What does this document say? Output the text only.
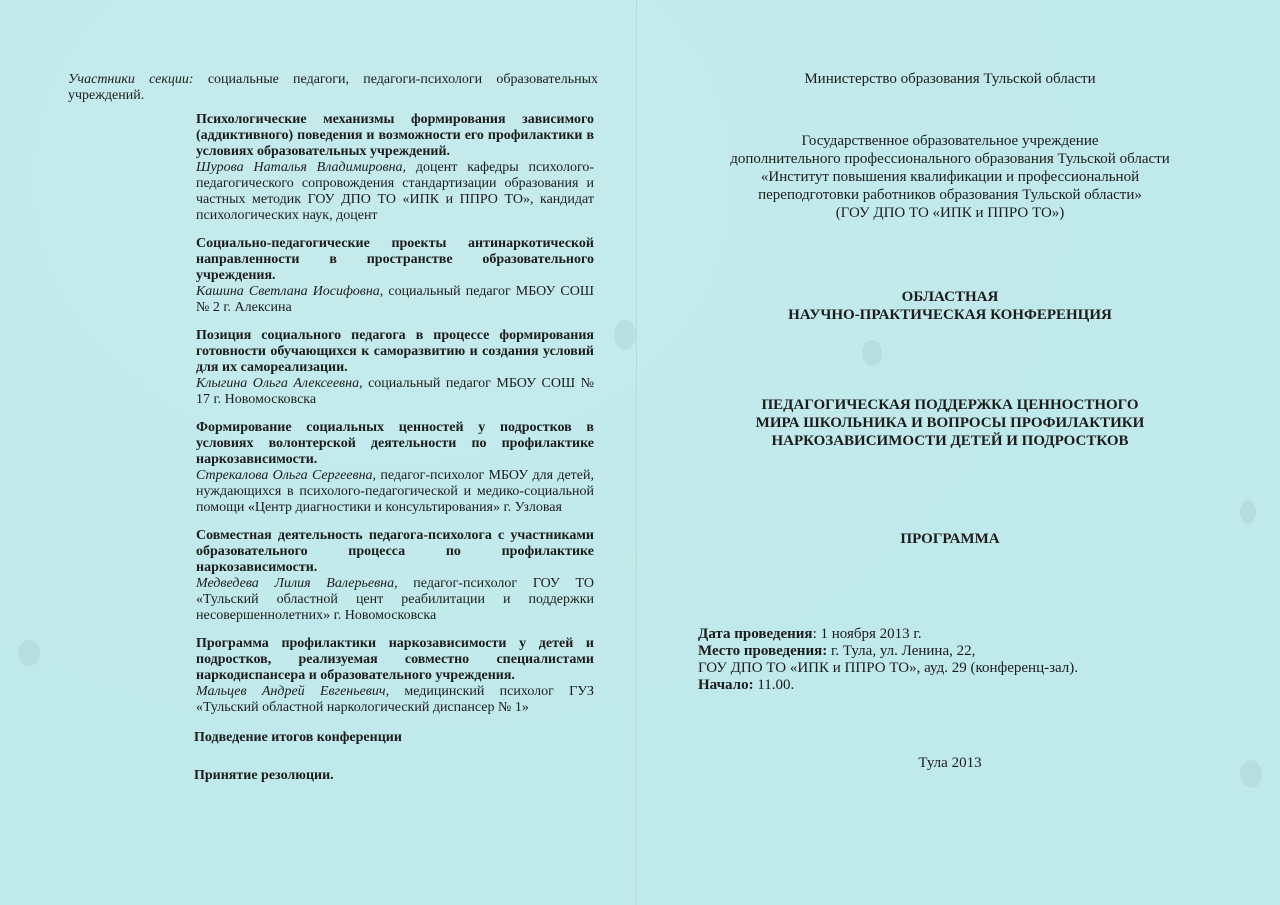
Участники секции: социальные педагоги, педагоги-психологи образовательных учреждений.
Психологические механизмы формирования зависимого (аддиктивного) поведения и возможности его профилактики в условиях образовательных учреждений.
Шурова Наталья Владимировна, доцент кафедры психолого-педагогического сопровождения стандартизации образования и частных методик ГОУ ДПО ТО «ИПК и ППРО ТО», кандидат психологических наук, доцент
Социально-педагогические проекты антинаркотической направленности в пространстве образовательного учреждения.
Кашина Светлана Иосифовна, социальный педагог МБОУ СОШ № 2 г. Алексина
Позиция социального педагога в процессе формирования готовности обучающихся к саморазвитию и создания условий для их самореализации.
Клыгина Ольга Алексеевна, социальный педагог МБОУ СОШ № 17 г. Новомосковска
Формирование социальных ценностей у подростков в условиях волонтерской деятельности по профилактике наркозависимости.
Стрекалова Ольга Сергеевна, педагог-психолог МБОУ для детей, нуждающихся в психолого-педагогической и медико-социальной помощи «Центр диагностики и консультирования» г. Узловая
Совместная деятельность педагога-психолога с участниками образовательного процесса по профилактике наркозависимости.
Медведева Лилия Валерьевна, педагог-психолог ГОУ ТО «Тульский областной цент реабилитации и поддержки несовершеннолетних» г. Новомосковска
Программа профилактики наркозависимости у детей и подростков, реализуемая совместно специалистами наркодиспансера и образовательного учреждения.
Мальцев Андрей Евгеньевич, медицинский психолог ГУЗ «Тульский областной наркологический диспансер № 1»
Подведение итогов конференции
Принятие резолюции.
Министерство образования Тульской области
Государственное образовательное учреждение
дополнительного профессионального образования Тульской области
«Институт повышения квалификации и профессиональной
переподготовки работников образования Тульской области»
(ГОУ ДПО ТО «ИПК и ППРО ТО»)
ОБЛАСТНАЯ
НАУЧНО-ПРАКТИЧЕСКАЯ КОНФЕРЕНЦИЯ
ПЕДАГОГИЧЕСКАЯ ПОДДЕРЖКА ЦЕННОСТНОГО
МИРА ШКОЛЬНИКА И ВОПРОСЫ ПРОФИЛАКТИКИ
НАРКОЗАВИСИМОСТИ ДЕТЕЙ И ПОДРОСТКОВ
ПРОГРАММА
Дата проведения: 1 ноября 2013 г.
Место проведения: г. Тула, ул. Ленина, 22,
ГОУ ДПО ТО «ИПК и ППРО ТО», ауд. 29 (конференц-зал).
Начало: 11.00.
Тула 2013
